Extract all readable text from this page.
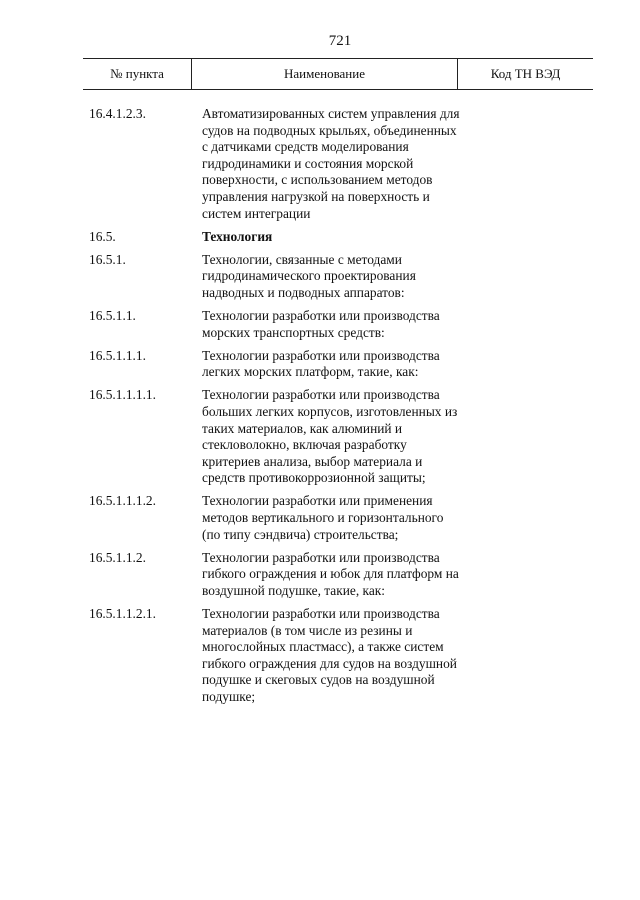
721
№ пункта	Наименование	Код ТН ВЭД
16.4.1.2.3.	Автоматизированных систем управления для судов на подводных крыльях, объединенных с датчиками средств моделирования гидродинамики и состояния морской поверхности, с использованием методов управления нагрузкой на поверхность и систем интеграции
16.5.	Технология
16.5.1.	Технологии, связанные с методами гидродинамического проектирования надводных и подводных аппаратов:
16.5.1.1.	Технологии разработки или производства морских транспортных средств:
16.5.1.1.1.	Технологии разработки или производства легких морских платформ, такие, как:
16.5.1.1.1.1.	Технологии разработки или производства больших легких корпусов, изготовленных из таких материалов, как алюминий и стекловолокно, включая разработку критериев анализа, выбор материала и средств противокоррозионной защиты;
16.5.1.1.1.2.	Технологии разработки или применения методов вертикального и горизонтального (по типу сэндвича) строительства;
16.5.1.1.2.	Технологии разработки или производства гибкого ограждения и юбок для платформ на воздушной подушке, такие, как:
16.5.1.1.2.1.	Технологии разработки или производства материалов (в том числе из резины и многослойных пластмасс), а также систем гибкого ограждения для судов на воздушной подушке и скеговых судов на воздушной подушке;
